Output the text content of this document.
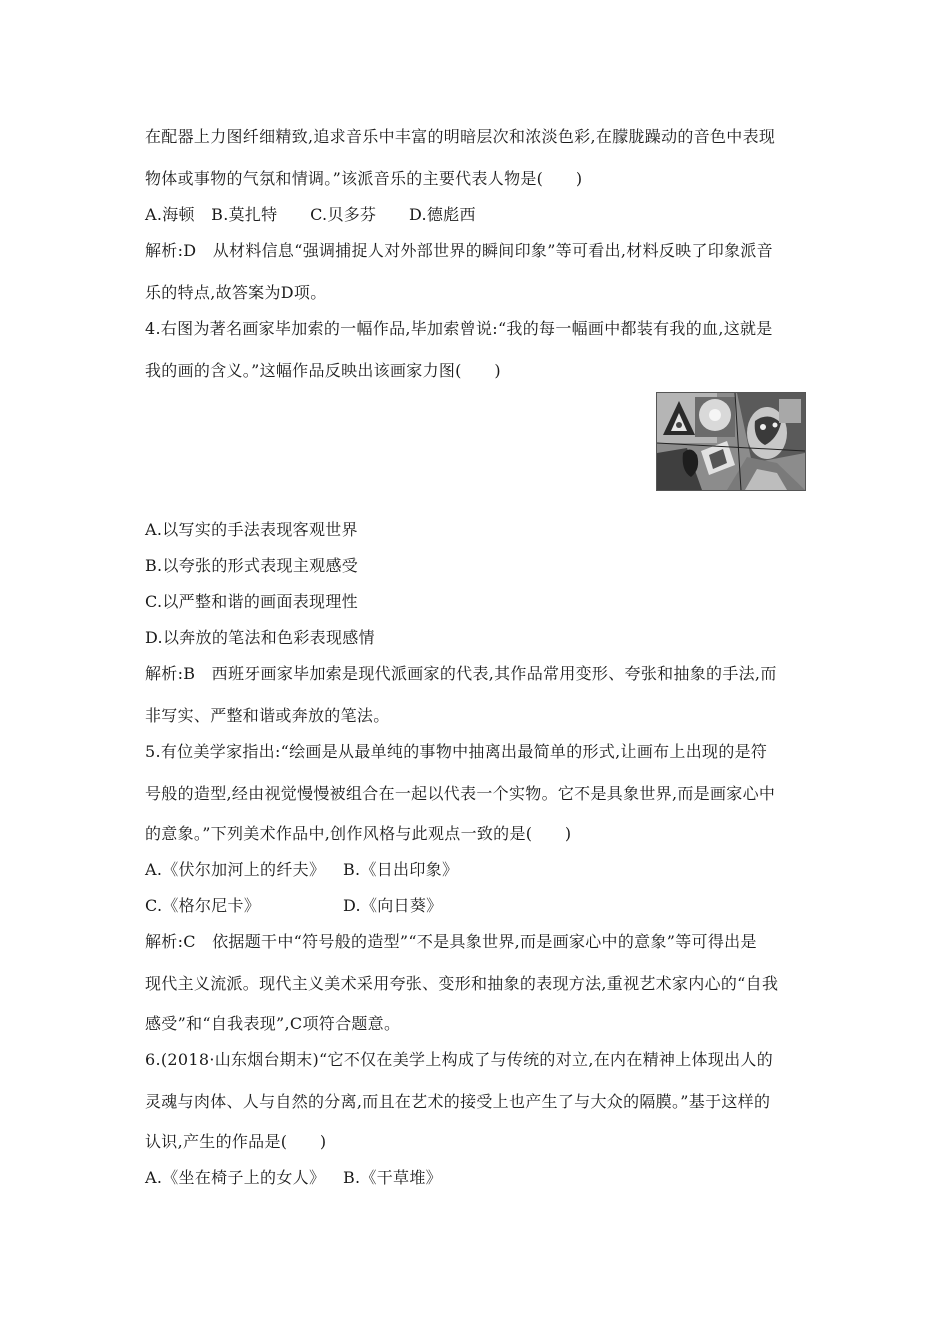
在配器上力图纤细精致,追求音乐中丰富的明暗层次和浓淡色彩,在朦胧躁动的音色中表现
物体或事物的气氛和情调。”该派音乐的主要代表人物是(　　)
A.海顿　B.莫扎特　　C.贝多芬　　D.德彪西
解析:D　从材料信息“强调捕捉人对外部世界的瞬间印象”等可看出,材料反映了印象派音
乐的特点,故答案为D项。
4.右图为著名画家毕加索的一幅作品,毕加索曾说:“我的每一幅画中都装有我的血,这就是
我的画的含义。”这幅作品反映出该画家力图(　　)
A.以写实的手法表现客观世界
B.以夸张的形式表现主观感受
C.以严整和谐的画面表现理性
D.以奔放的笔法和色彩表现感情
解析:B　西班牙画家毕加索是现代派画家的代表,其作品常用变形、夸张和抽象的手法,而
非写实、严整和谐或奔放的笔法。
5.有位美学家指出:“绘画是从最单纯的事物中抽离出最简单的形式,让画布上出现的是符
号般的造型,经由视觉慢慢被组合在一起以代表一个实物。它不是具象世界,而是画家心中
的意象。”下列美术作品中,创作风格与此观点一致的是(　　)
A.《伏尔加河上的纤夫》 B.《日出印象》
C.《格尔尼卡》	D.《向日葵》
解析:C　依据题干中“符号般的造型”“不是具象世界,而是画家心中的意象”等可得出是
现代主义流派。现代主义美术采用夸张、变形和抽象的表现方法,重视艺术家内心的“自我
感受”和“自我表现”,C项符合题意。
6.(2018·山东烟台期末)“它不仅在美学上构成了与传统的对立,在内在精神上体现出人的
灵魂与肉体、人与自然的分离,而且在艺术的接受上也产生了与大众的隔膜。”基于这样的
认识,产生的作品是(　　)
A.《坐在椅子上的女人》 B.《干草堆》
